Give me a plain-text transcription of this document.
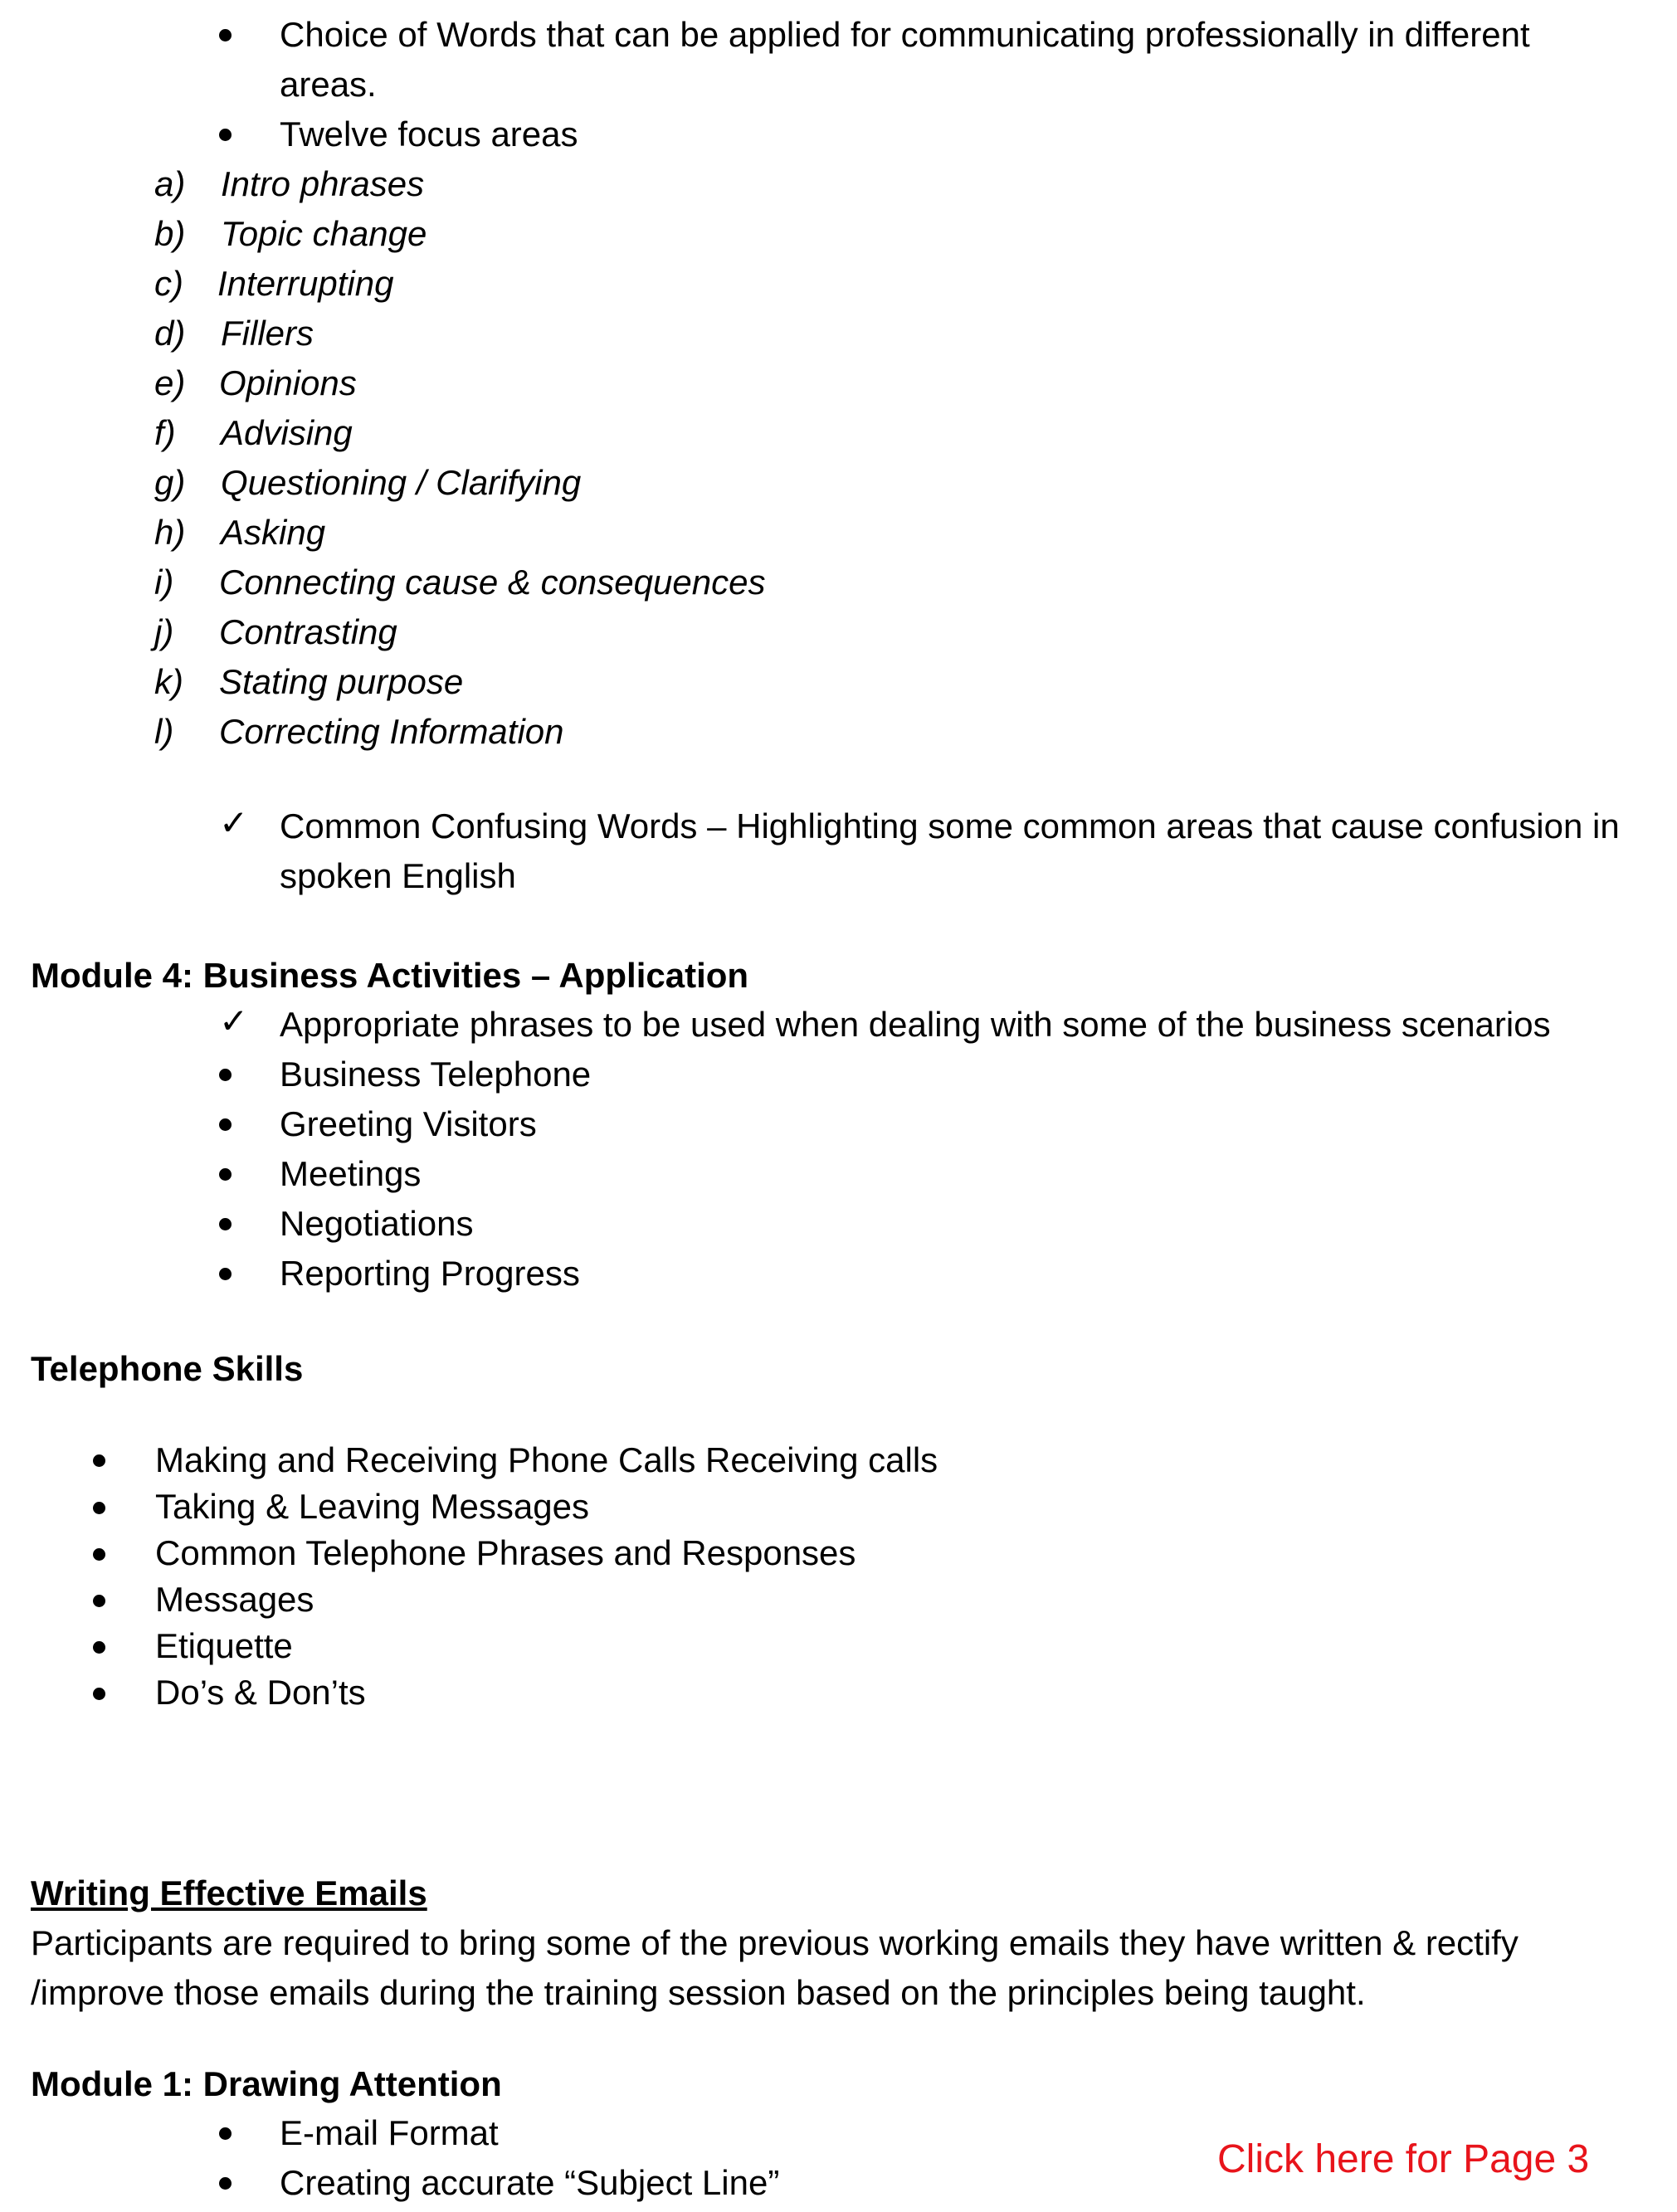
Choice of Words that can be applied for communicating professionally in different
areas.
Twelve focus areas
a) Intro phrases
b) Topic change
c) Interrupting
d) Fillers
e) Opinions
f) Advising
g) Questioning / Clarifying
h) Asking
i) Connecting cause & consequences
j) Contrasting
k) Stating purpose
l) Correcting Information
✓ Common Confusing Words – Highlighting some common areas that cause confusion in
spoken English
Module 4: Business Activities – Application
✓ Appropriate phrases to be used when dealing with some of the business scenarios
Business Telephone
Greeting Visitors
Meetings
Negotiations
Reporting Progress
Telephone Skills
Making and Receiving Phone Calls Receiving calls
Taking & Leaving Messages
Common Telephone Phrases and Responses
Messages
Etiquette
Do’s & Don’ts
Writing Effective Emails
Participants are required to bring some of the previous working emails they have written & rectify
/improve those emails during the training session based on the principles being taught.
Module 1: Drawing Attention
E-mail Format
Creating accurate “Subject Line”
Click here for Page 3
